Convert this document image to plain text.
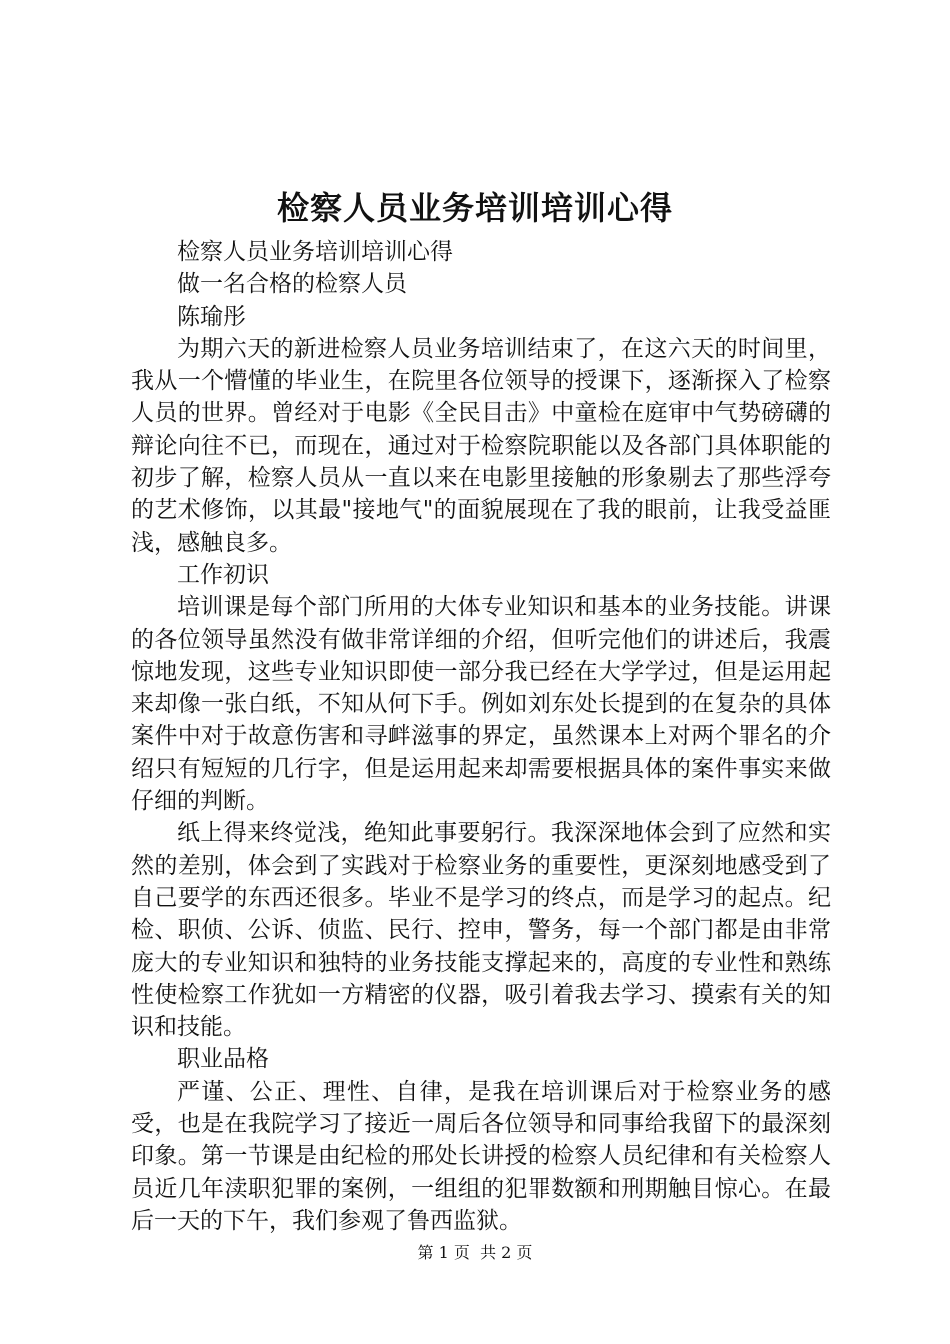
检察人员业务培训培训心得

检察人员业务培训培训心得

做一名合格的检察人员

陈瑜彤

为期六天的新进检察人员业务培训结束了，在这六天的时间里，我从一个懵懂的毕业生，在院里各位领导的授课下，逐渐探入了检察人员的世界。曾经对于电影《全民目击》中童检在庭审中气势磅礴的辩论向往不已，而现在，通过对于检察院职能以及各部门具体职能的初步了解，检察人员从一直以来在电影里接触的形象剔去了那些浮夸的艺术修饰，以其最"接地气"的面貌展现在了我的眼前，让我受益匪浅，感触良多。

工作初识

培训课是每个部门所用的大体专业知识和基本的业务技能。讲课的各位领导虽然没有做非常详细的介绍，但听完他们的讲述后，我震惊地发现，这些专业知识即使一部分我已经在大学学过，但是运用起来却像一张白纸，不知从何下手。例如刘东处长提到的在复杂的具体案件中对于故意伤害和寻衅滋事的界定，虽然课本上对两个罪名的介绍只有短短的几行字，但是运用起来却需要根据具体的案件事实来做仔细的判断。

纸上得来终觉浅，绝知此事要躬行。我深深地体会到了应然和实然的差别，体会到了实践对于检察业务的重要性，更深刻地感受到了自己要学的东西还很多。毕业不是学习的终点，而是学习的起点。纪检、职侦、公诉、侦监、民行、控申，警务，每一个部门都是由非常庞大的专业知识和独特的业务技能支撑起来的，高度的专业性和熟练性使检察工作犹如一方精密的仪器，吸引着我去学习、摸索有关的知识和技能。

职业品格

严谨、公正、理性、自律，是我在培训课后对于检察业务的感受，也是在我院学习了接近一周后各位领导和同事给我留下的最深刻印象。第一节课是由纪检的邢处长讲授的检察人员纪律和有关检察人员近几年渎职犯罪的案例，一组组的犯罪数额和刑期触目惊心。在最后一天的下午，我们参观了鲁西监狱。

第 1 页  共 2 页
